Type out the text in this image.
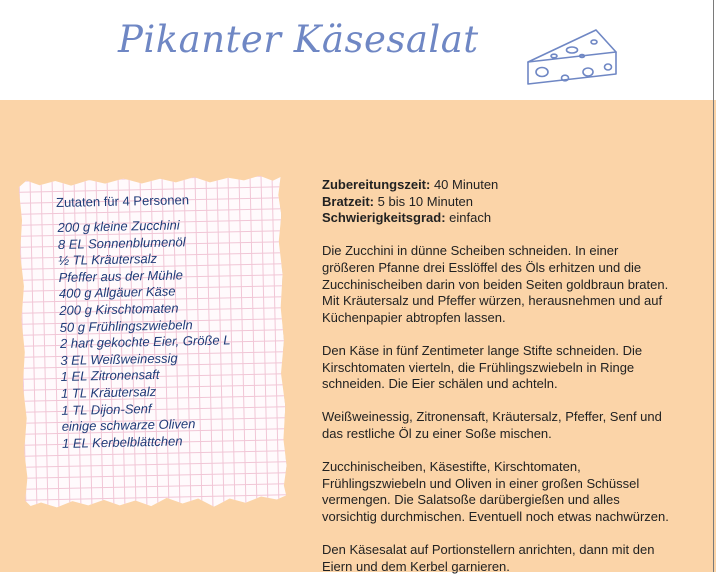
Pikanter Käsesalat
Zutaten für 4 Personen
200 g kleine Zucchini
8 EL Sonnenblumenöl
½ TL Kräutersalz
Pfeffer aus der Mühle
400 g Allgäuer Käse
200 g Kirschtomaten
50 g Frühlingszwiebeln
2 hart gekochte Eier, Größe L
3 EL Weißweinessig
1 EL Zitronensaft
1 TL Kräutersalz
1 TL Dijon-Senf
einige schwarze Oliven
1 EL Kerbelblättchen

Zubereitungszeit: 40 Minuten

Bratzeit: 5 bis 10 Minuten

Schwierigkeitsgrad: einfach

Die Zucchini in dünne Scheiben schneiden. In einer größeren Pfanne drei Esslöffel des Öls erhitzen und die Zucchinischeiben darin von beiden Seiten goldbraun braten. Mit Kräutersalz und Pfeffer würzen, herausnehmen und auf Küchenpapier abtropfen lassen.

Den Käse in fünf Zentimeter lange Stifte schneiden. Die Kirschtomaten vierteln, die Frühlingszwiebeln in Ringe schneiden. Die Eier schälen und achteln.

Weißweinessig, Zitronensaft, Kräutersalz, Pfeffer, Senf und das restliche Öl zu einer Soße mischen.

Zucchinischeiben, Käsestifte, Kirschtomaten, Frühlingszwiebeln und Oliven in einer großen Schüssel vermengen. Die Salatsoße darübergießen und alles vorsichtig durchmischen. Eventuell noch etwas nachwürzen.

Den Käsesalat auf Portionstellern anrichten, dann mit den Eiern und dem Kerbel garnieren.
